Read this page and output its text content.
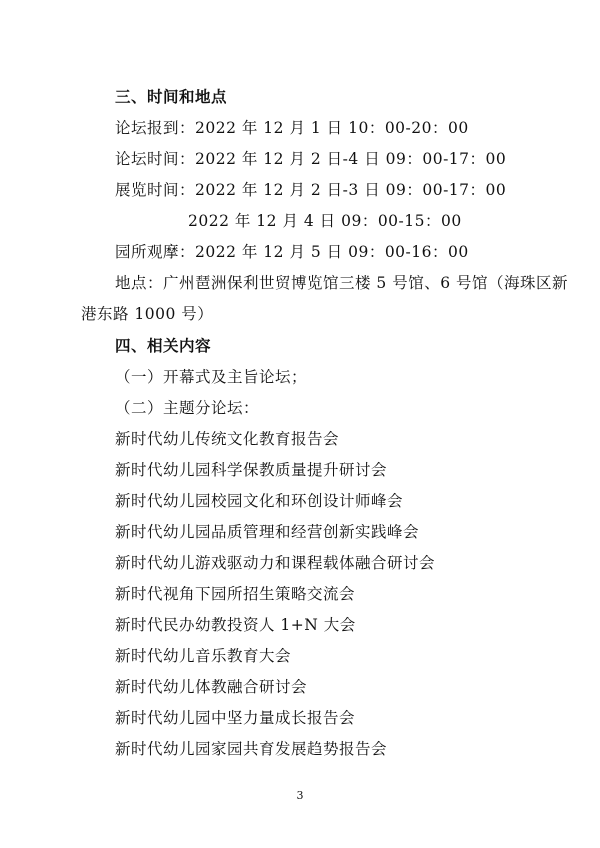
三、时间和地点
论坛报到：2022 年 12 月 1 日 10：00-20：00
论坛时间：2022 年 12 月 2 日-4 日 09：00-17：00
展览时间：2022 年 12 月 2 日-3 日 09：00-17：00
2022 年 12 月 4 日 09：00-15：00
园所观摩：2022 年 12 月 5 日 09：00-16：00
地点：广州琶洲保利世贸博览馆三楼 5 号馆、6 号馆（海珠区新
港东路 1000 号）
四、相关内容
（一）开幕式及主旨论坛；
（二）主题分论坛：
新时代幼儿传统文化教育报告会
新时代幼儿园科学保教质量提升研讨会
新时代幼儿园校园文化和环创设计师峰会
新时代幼儿园品质管理和经营创新实践峰会
新时代幼儿游戏驱动力和课程载体融合研讨会
新时代视角下园所招生策略交流会
新时代民办幼教投资人 1+N 大会
新时代幼儿音乐教育大会
新时代幼儿体教融合研讨会
新时代幼儿园中坚力量成长报告会
新时代幼儿园家园共育发展趋势报告会
3
